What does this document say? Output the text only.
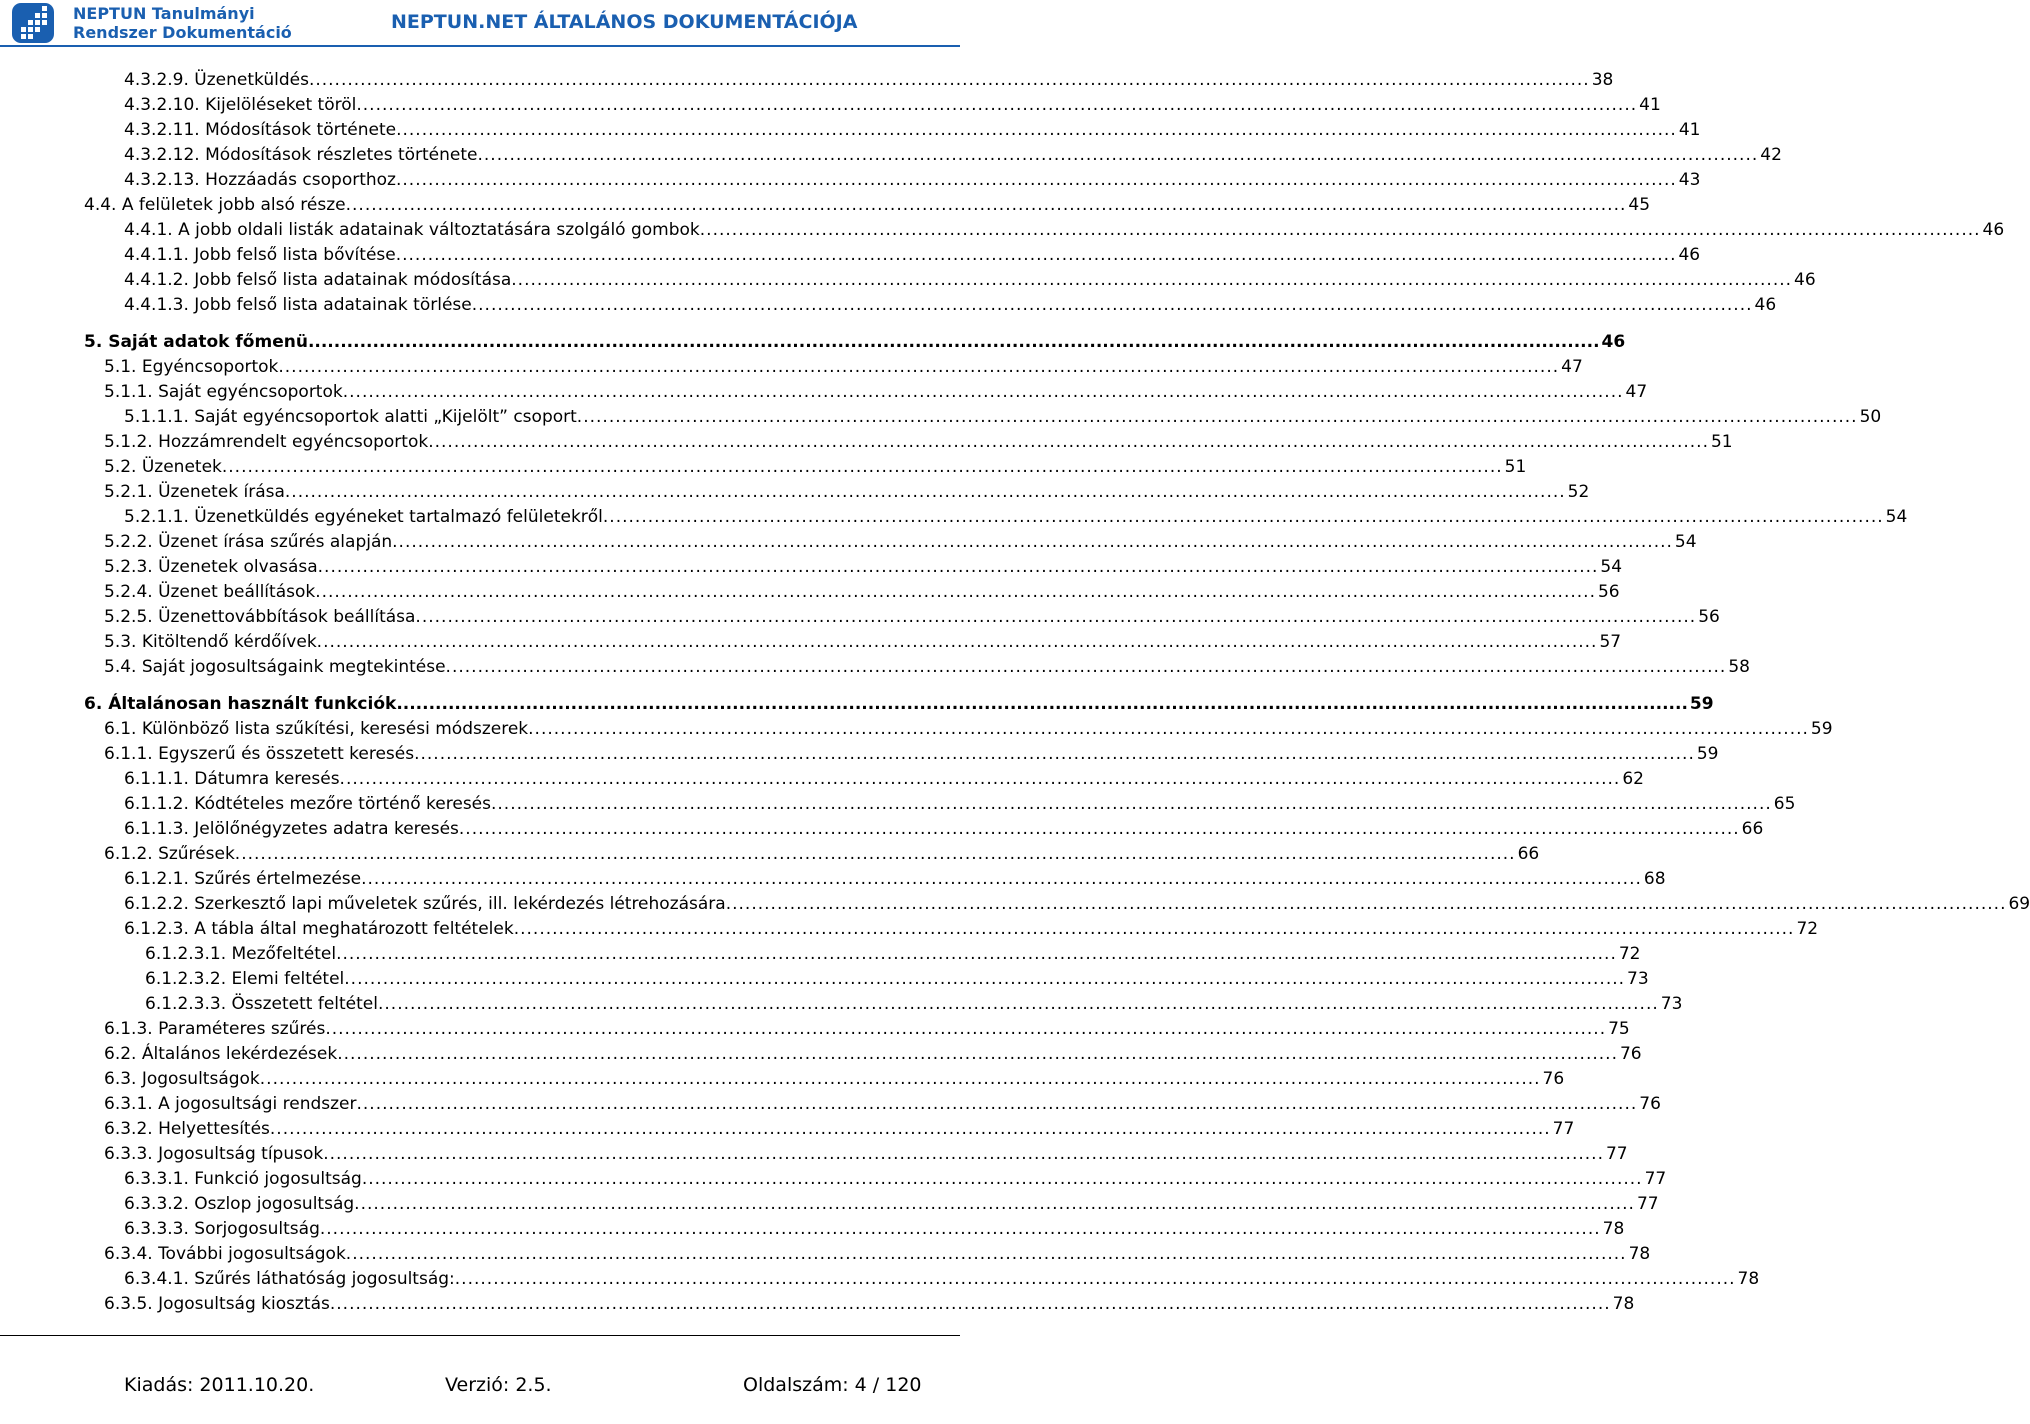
NEPTUN Tanulmányi
Rendszer Dokumentáció	NEPTUN.NET ÁLTALÁNOS DOKUMENTÁCIÓJA
4.3.2.9. Üzenetküldés ........................................................................................................................................................................................................ 38
4.3.2.10. Kijelöléseket töröl ........................................................................................................................................................................................................ 41
4.3.2.11. Módosítások története ........................................................................................................................................................................................................ 41
4.3.2.12. Módosítások részletes története ........................................................................................................................................................................................................ 42
4.3.2.13. Hozzáadás csoporthoz ........................................................................................................................................................................................................ 43
4.4. A felületek jobb alsó része ........................................................................................................................................................................................................ 45
4.4.1. A jobb oldali listák adatainak változtatására szolgáló gombok ........................................................................................................................................................................................................ 46
4.4.1.1. Jobb felső lista bővítése ........................................................................................................................................................................................................ 46
4.4.1.2. Jobb felső lista adatainak módosítása ........................................................................................................................................................................................................ 46
4.4.1.3. Jobb felső lista adatainak törlése ........................................................................................................................................................................................................ 46
5. Saját adatok főmenü ........................................................................................................................................................................................................ 46
5.1. Egyéncsoportok ........................................................................................................................................................................................................ 47
5.1.1. Saját egyéncsoportok ........................................................................................................................................................................................................ 47
5.1.1.1. Saját egyéncsoportok alatti „Kijelölt” csoport ........................................................................................................................................................................................................ 50
5.1.2. Hozzámrendelt egyéncsoportok ........................................................................................................................................................................................................ 51
5.2. Üzenetek ........................................................................................................................................................................................................ 51
5.2.1. Üzenetek írása ........................................................................................................................................................................................................ 52
5.2.1.1. Üzenetküldés egyéneket tartalmazó felületekről ........................................................................................................................................................................................................ 54
5.2.2. Üzenet írása szűrés alapján ........................................................................................................................................................................................................ 54
5.2.3. Üzenetek olvasása ........................................................................................................................................................................................................ 54
5.2.4. Üzenet beállítások ........................................................................................................................................................................................................ 56
5.2.5. Üzenettovábbítások beállítása ........................................................................................................................................................................................................ 56
5.3. Kitöltendő kérdőívek ........................................................................................................................................................................................................ 57
5.4. Saját jogosultságaink megtekintése ........................................................................................................................................................................................................ 58
6. Általánosan használt funkciók ........................................................................................................................................................................................................ 59
6.1. Különböző lista szűkítési, keresési módszerek ........................................................................................................................................................................................................ 59
6.1.1. Egyszerű és összetett keresés ........................................................................................................................................................................................................ 59
6.1.1.1. Dátumra keresés ........................................................................................................................................................................................................ 62
6.1.1.2. Kódtételes mezőre történő keresés ........................................................................................................................................................................................................ 65
6.1.1.3. Jelölőnégyzetes adatra keresés ........................................................................................................................................................................................................ 66
6.1.2. Szűrések ........................................................................................................................................................................................................ 66
6.1.2.1. Szűrés értelmezése ........................................................................................................................................................................................................ 68
6.1.2.2. Szerkesztő lapi műveletek szűrés, ill. lekérdezés létrehozására ........................................................................................................................................................................................................ 69
6.1.2.3. A tábla által meghatározott feltételek ........................................................................................................................................................................................................ 72
6.1.2.3.1. Mezőfeltétel ........................................................................................................................................................................................................ 72
6.1.2.3.2. Elemi feltétel ........................................................................................................................................................................................................ 73
6.1.2.3.3. Összetett feltétel ........................................................................................................................................................................................................ 73
6.1.3. Paraméteres szűrés ........................................................................................................................................................................................................ 75
6.2. Általános lekérdezések ........................................................................................................................................................................................................ 76
6.3. Jogosultságok ........................................................................................................................................................................................................ 76
6.3.1. A jogosultsági rendszer ........................................................................................................................................................................................................ 76
6.3.2. Helyettesítés ........................................................................................................................................................................................................ 77
6.3.3. Jogosultság típusok ........................................................................................................................................................................................................ 77
6.3.3.1. Funkció jogosultság ........................................................................................................................................................................................................ 77
6.3.3.2. Oszlop jogosultság ........................................................................................................................................................................................................ 77
6.3.3.3. Sorjogosultság ........................................................................................................................................................................................................ 78
6.3.4. További jogosultságok ........................................................................................................................................................................................................ 78
6.3.4.1. Szűrés láthatóság jogosultság: ........................................................................................................................................................................................................ 78
6.3.5. Jogosultság kiosztás ........................................................................................................................................................................................................ 78
Kiadás: 2011.10.20.	Verzió: 2.5.	Oldalszám: 4 / 120
